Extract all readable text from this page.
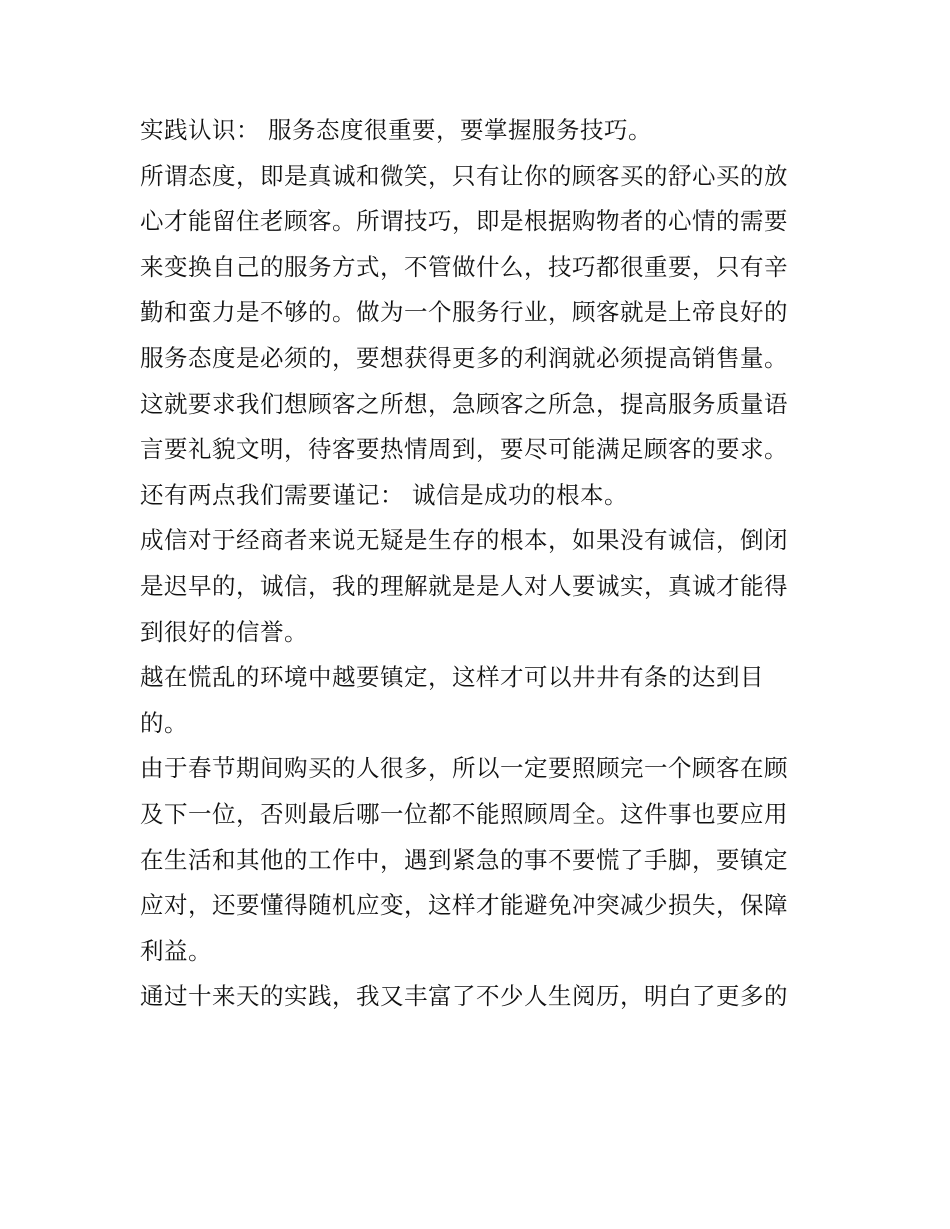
实践认识： 服务态度很重要，要掌握服务技巧。
所谓态度，即是真诚和微笑，只有让你的顾客买的舒心买的放
心才能留住老顾客。所谓技巧，即是根据购物者的心情的需要
来变换自己的服务方式，不管做什么，技巧都很重要，只有辛
勤和蛮力是不够的。做为一个服务行业，顾客就是上帝良好的
服务态度是必须的，要想获得更多的利润就必须提高销售量。
这就要求我们想顾客之所想，急顾客之所急，提高服务质量语
言要礼貌文明，待客要热情周到，要尽可能满足顾客的要求。
还有两点我们需要谨记： 诚信是成功的根本。
成信对于经商者来说无疑是生存的根本，如果没有诚信，倒闭
是迟早的，诚信，我的理解就是是人对人要诚实，真诚才能得
到很好的信誉。
越在慌乱的环境中越要镇定，这样才可以井井有条的达到目
的。
由于春节期间购买的人很多，所以一定要照顾完一个顾客在顾
及下一位，否则最后哪一位都不能照顾周全。这件事也要应用
在生活和其他的工作中，遇到紧急的事不要慌了手脚，要镇定
应对，还要懂得随机应变，这样才能避免冲突减少损失，保障
利益。
通过十来天的实践，我又丰富了不少人生阅历，明白了更多的
